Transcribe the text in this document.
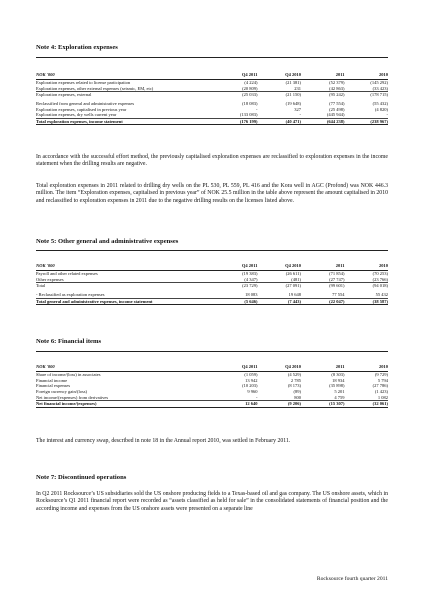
Note 4: Exploration expenses
NOK '000	Q4 2011	Q4 2010	2011	2010
Exploration expenses related to license participation	(4 224)	(21 381)	(52 379)	(145 292)
Exploration expenses, other external expenses (seismic, EM, etc)	(20 809)	231	(42 863)	(33 423)
Exploration expenses, external	(25 033)	(21 150)	(95 242)	(178 715)

Reclassified from general and administrative expenses	(18 083)	(19 648)	(77 554)	(55 432)
Exploration expenses, capitalised in previous year	-	327	(25 498)	(4 820)
Exploration expenses, dry wells current year	(133 083)	-	(445 944)	-
Total exploration expenses, income statement	(176 199)	(40 471)	(644 238)	(238 967)

In accordance with the successful effort method, the previously capitalised exploration expenses are reclassified to exploration expenses in the income statement when the drilling results are negative.

Total exploration expenses in 2011 related to drilling dry wells on the PL 530, PL 559, PL 416 and the Kora well in AGC (Profond) was NOK 446.3 million. The item “Exploration expenses, capitalised in previous year” of NOK 25.5 million in the table above represent the amount capitalised in 2010 and reclassified to exploration expenses in 2011 due to the negative drilling results on the licenses listed above.

Note 5: Other general and administrative expenses
NOK '000	Q4 2011	Q4 2010	2011	2010
Payroll and other related expenses	(19 383)	(26 611)	(71 854)	(70 253)
Other expenses	(4 347)	(481)	(27 747)	(23 766)
Total	(23 729)	(27 091)	(99 601)	(94 018)

- Reclassified as exploration expenses	18 083	19 648	77 554	55 432
Total general and administrative expenses, income statement	(5 646)	(7 443)	(22 047)	(38 587)
Note 6: Financial items
NOK '000	Q4 2011	Q4 2010	2011	2010
Share of income/(loss) in associates	(1 059)	(4 529)	(8 303)	(9 729)
Financial income	13 942	2 785	18 934	5 794
Financial expenses	(10 203)	(8 173)	(35 898)	(27 786)
Foreign currency gain/(loss)	9 960	(89)	5 201	(1 423)
Net income/(expenses) from derivatives	-	800	4 759	1 082
Net financial income/(expenses)	12 640	(9 206)	(15 307)	(32 061)

The interest and currency swap, described in note 18 in the Annual report 2010, was settled in February 2011.

Note 7: Discontinued operations

In Q2 2011 Rocksource’s US subsidiaries sold the US onshore producing fields to a Texas-based oil and gas company. The US onshore assets, which in Rocksource’s Q1 2011 financial report were recorded as “assets classified as held for sale” in the consolidated statements of financial position and the according income and expenses from the US onshore assets were presented on a separate line

Rocksource fourth quarter 2011
